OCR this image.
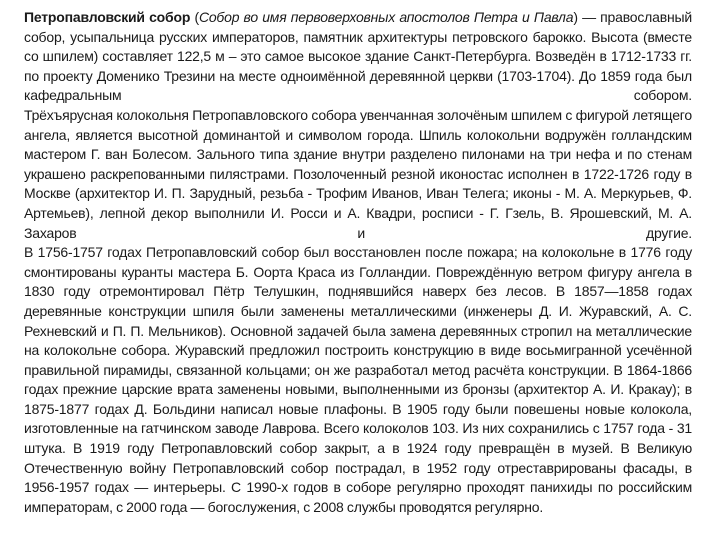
Петропавловский собор (Собор во имя первоверховных апостолов Петра и Павла) — православный собор, усыпальница русских императоров, памятник архитектуры петровского барокко. Высота (вместе со шпилем) составляет 122,5 м – это самое высокое здание Санкт-Петербурга. Возведён в 1712-1733 гг. по проекту Доменико Трезини на месте одноимённой деревянной церкви (1703-1704). До 1859 года был кафедральным собором.

Трёхъярусная колокольня Петропавловского собора увенчанная золочёным шпилем с фигурой летящего ангела, является высотной доминантой и символом города. Шпиль колокольни водружён голландским мастером Г. ван Болесом. Зального типа здание внутри разделено пилонами на три нефа и по стенам украшено раскрепованными пилястрами. Позолоченный резной иконостас исполнен в 1722-1726 году в Москве (архитектор И. П. Зарудный, резьба - Трофим Иванов, Иван Телега; иконы - М. А. Меркурьев, Ф. Артемьев), лепной декор выполнили И. Росси и А. Квадри, росписи - Г. Гзель, В. Ярошевский, М. А. Захаров и другие.

В 1756-1757 годах Петропавловский собор был восстановлен после пожара; на колокольне в 1776 году смонтированы куранты мастера Б. Оорта Краса из Голландии. Повреждённую ветром фигуру ангела в 1830 году отремонтировал Пётр Телушкин, поднявшийся наверх без лесов. В 1857—1858 годах деревянные конструкции шпиля были заменены металлическими (инженеры Д. И. Журавский, А. С. Рехневский и П. П. Мельников). Основной задачей была замена деревянных стропил на металлические на колокольне собора. Журавский предложил построить конструкцию в виде восьмигранной усечённой правильной пирамиды, связанной кольцами; он же разработал метод расчёта конструкции. В 1864-1866 годах прежние царские врата заменены новыми, выполненными из бронзы (архитектор А. И. Кракау); в 1875-1877 годах Д. Больдини написал новые плафоны. В 1905 году были повешены новые колокола, изготовленные на гатчинском заводе Лаврова. Всего колоколов 103. Из них сохранились с 1757 года - 31 штука. В 1919 году Петропавловский собор закрыт, а в 1924 году превращён в музей. В Великую Отечественную войну Петропавловский собор пострадал, в 1952 году отреставрированы фасады, в 1956-1957 годах — интерьеры. С 1990-х годов в соборе регулярно проходят панихиды по российским императорам, с 2000 года — богослужения, с 2008 службы проводятся регулярно.
